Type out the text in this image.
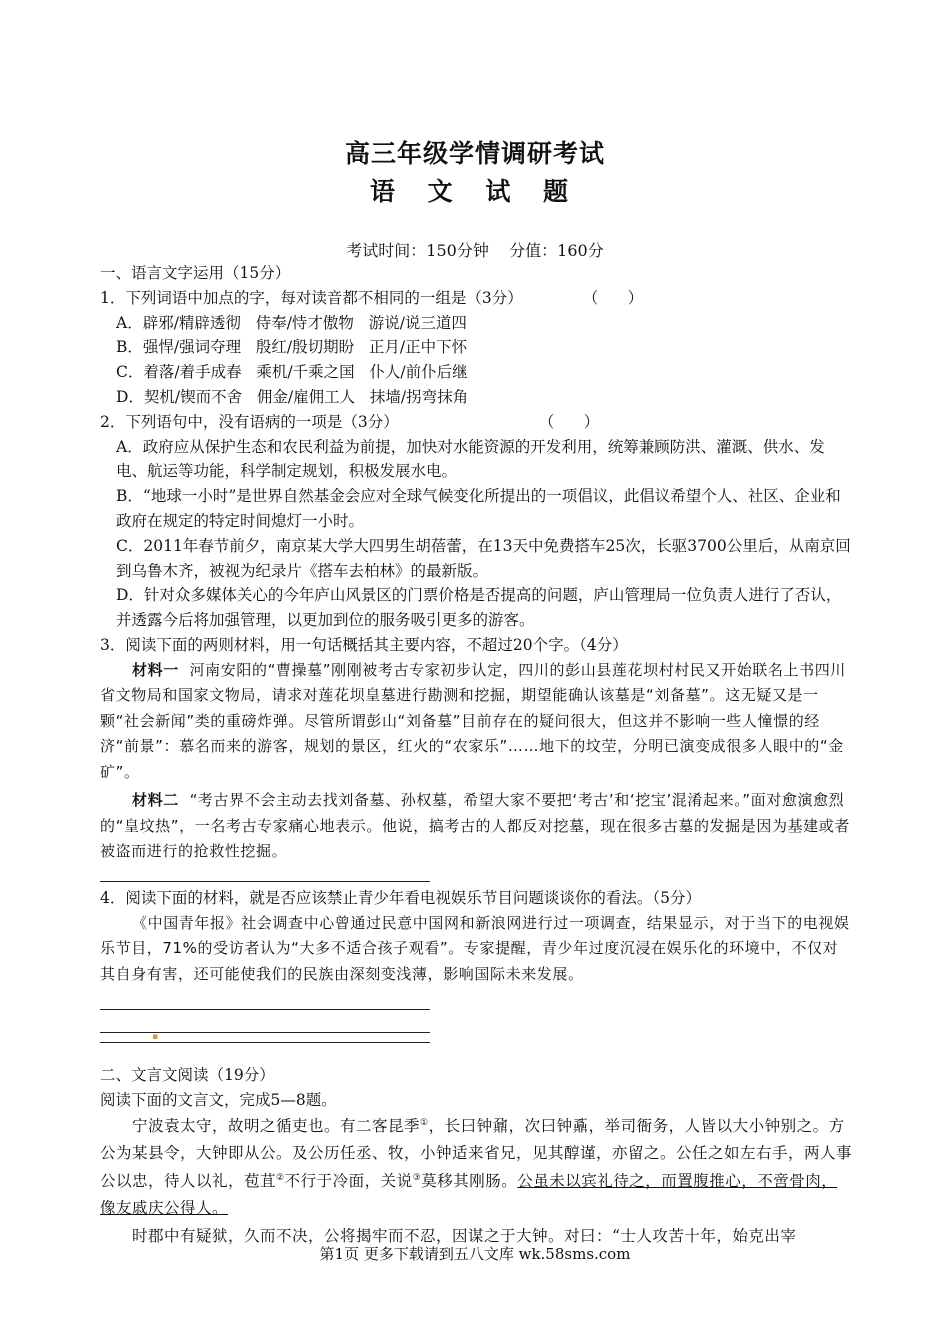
高三年级学情调研考试
语 文 试 题
考试时间：150分钟    分值：160分

一、语言文字运用（15分）

1．下列词语中加点的字，每对读音都不相同的一组是（3分）	（      ）

A．辟邪/精辟透彻   侍奉/恃才傲物   游说/说三道四

B．强悍/强词夺理   殷红/殷切期盼   正月/正中下怀

C．着落/着手成春   乘机/千乘之国   仆人/前仆后继

D．契机/锲而不舍   佣金/雇佣工人   抹墙/拐弯抹角

2．下列语句中，没有语病的一项是（3分）	（      ）

A．政府应从保护生态和农民利益为前提，加快对水能资源的开发利用，统筹兼顾防洪、灌溉、供水、发电、航运等功能，科学制定规划，积极发展水电。

B．“地球一小时”是世界自然基金会应对全球气候变化所提出的一项倡议，此倡议希望个人、社区、企业和政府在规定的特定时间熄灯一小时。

C．2011年春节前夕，南京某大学大四男生胡蓓蕾，在13天中免费搭车25次，长驱3700公里后，从南京回到乌鲁木齐，被视为纪录片《搭车去柏林》的最新版。

D．针对众多媒体关心的今年庐山风景区的门票价格是否提高的问题，庐山管理局一位负责人进行了否认，并透露今后将加强管理，以更加到位的服务吸引更多的游客。

3．阅读下面的两则材料，用一句话概括其主要内容，不超过20个字。（4分）

材料一 河南安阳的“曹操墓”刚刚被考古专家初步认定，四川的彭山县莲花坝村村民又开始联名上书四川省文物局和国家文物局，请求对莲花坝皇墓进行勘测和挖掘，期望能确认该墓是“刘备墓”。这无疑又是一颗“社会新闻”类的重磅炸弹。尽管所谓彭山“刘备墓”目前存在的疑问很大，但这并不影响一些人憧憬的经济“前景”：慕名而来的游客，规划的景区，红火的“农家乐”……地下的坟茔，分明已演变成很多人眼中的“金矿”。

材料二 “考古界不会主动去找刘备墓、孙权墓，希望大家不要把‘考古’和‘挖宝’混淆起来。”面对愈演愈烈的“皇坟热”，一名考古专家痛心地表示。他说，搞考古的人都反对挖墓，现在很多古墓的发掘是因为基建或者被盗而进行的抢救性挖掘。

4．阅读下面的材料，就是否应该禁止青少年看电视娱乐节目问题谈谈你的看法。（5分）

《中国青年报》社会调查中心曾通过民意中国网和新浪网进行过一项调查，结果显示，对于当下的电视娱乐节目，71%的受访者认为“大多不适合孩子观看”。专家提醒，青少年过度沉浸在娱乐化的环境中，不仅对其自身有害，还可能使我们的民族由深刻变浅薄，影响国际未来发展。

▪

二、文言文阅读（19分）

阅读下面的文言文，完成5—8题。

宁波袁太守，故明之循吏也。有二客昆季①，长曰钟鼐，次曰钟鼒，举司衙务，人皆以大小钟别之。方公为某县令，大钟即从公。及公历任丞、牧，小钟适来省兄，见其醇谨，亦留之。公任之如左右手，两人事公以忠，待人以礼，苞苴②不行于冷面，关说③莫移其刚肠。公虽未以宾礼待之，而置腹推心，不啻骨肉，像友戚庆公得人。

时郡中有疑狱，久而不决，公将揭牢而不忍，因谋之于大钟。对曰：“士人攻苦十年，始克出宰

第1页 更多下载请到五八文库 wk.58sms.com
